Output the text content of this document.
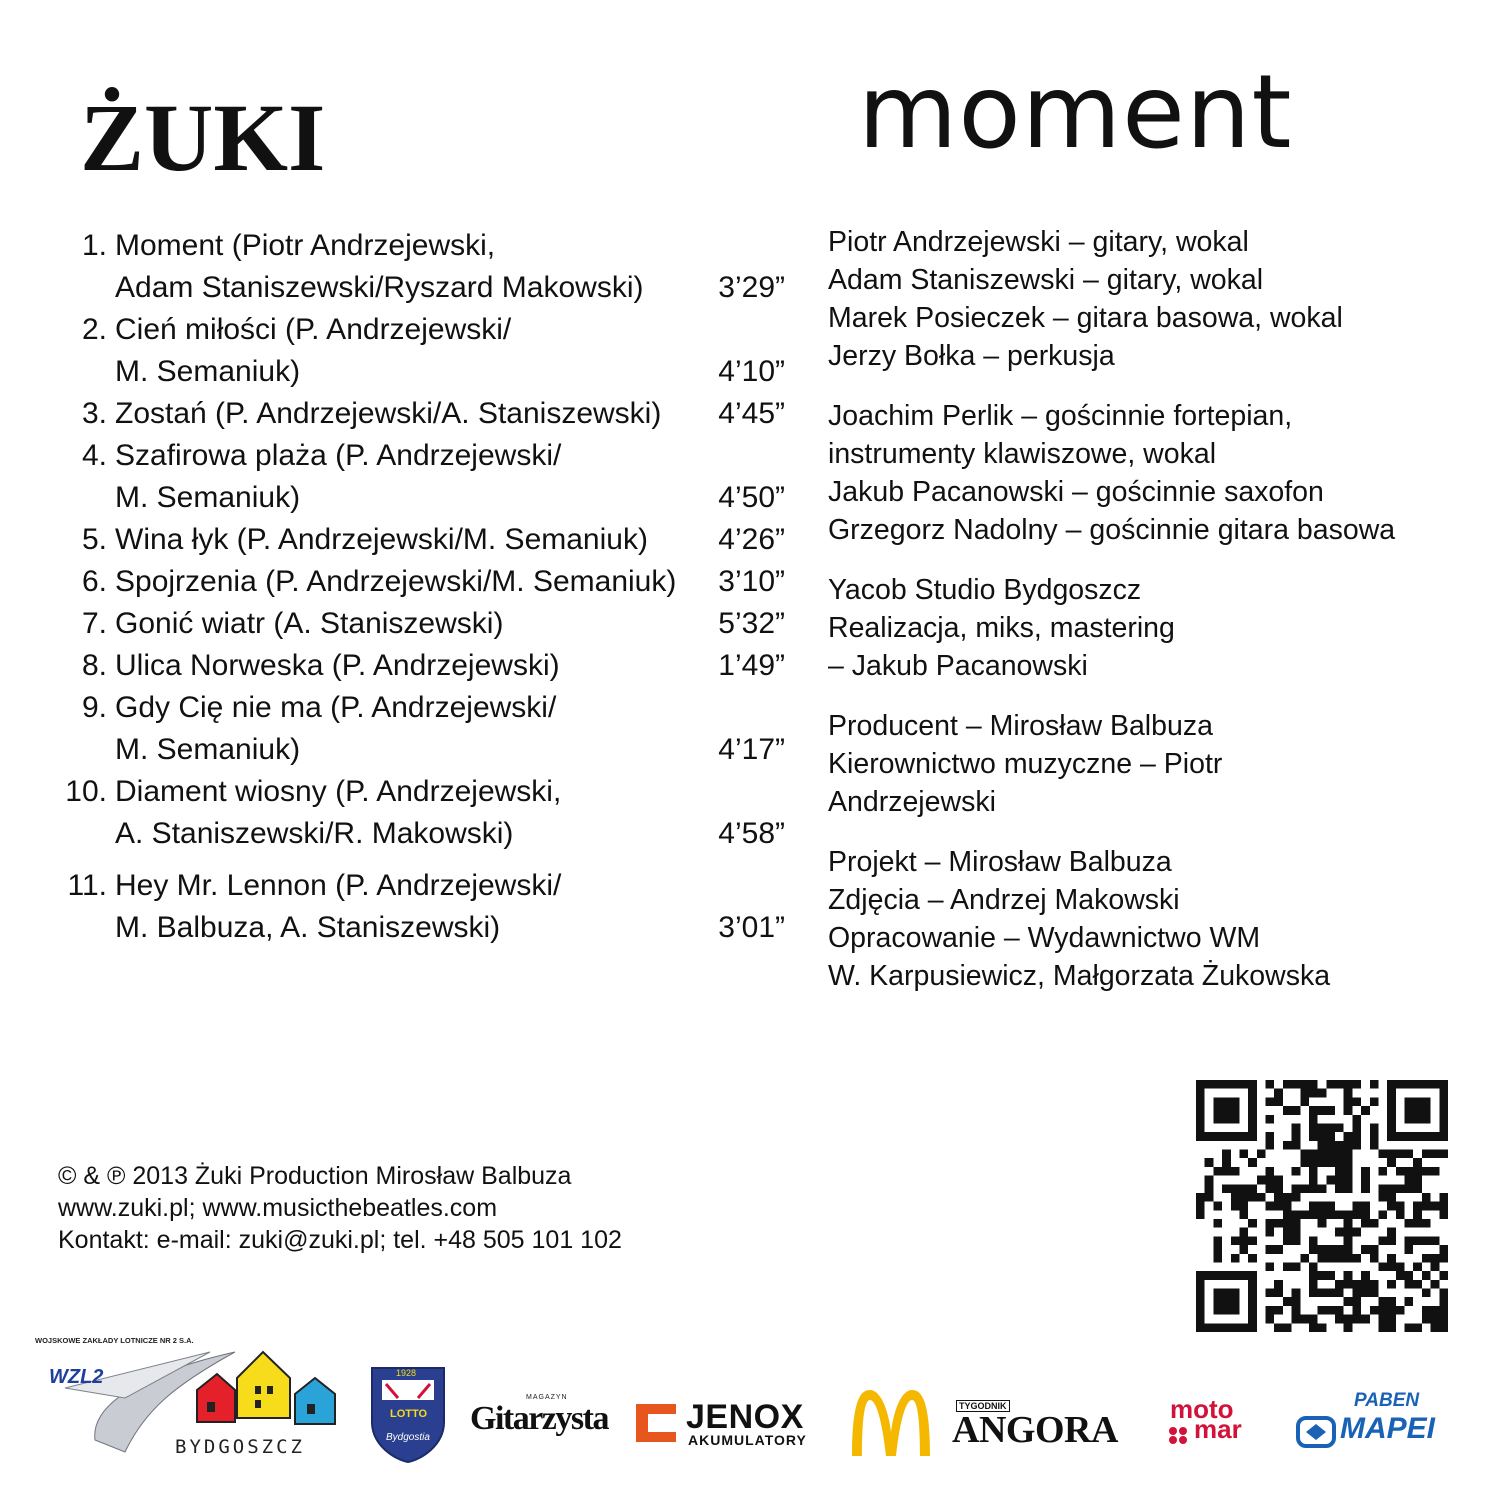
ŻUKI	moment
1. Moment (Piotr Andrzejewski,
Adam Staniszewski/Ryszard Makowski)	3’29”
2. Cień miłości (P. Andrzejewski/
M. Semaniuk)	4’10”
3. Zostań (P. Andrzejewski/A. Staniszewski)	4’45”
4. Szafirowa plaża (P. Andrzejewski/
M. Semaniuk)	4’50”
5. Wina łyk (P. Andrzejewski/M. Semaniuk)	4’26”
6. Spojrzenia (P. Andrzejewski/M. Semaniuk)	3’10”
7. Gonić wiatr (A. Staniszewski)	5’32”
8. Ulica Norweska (P. Andrzejewski)	1’49”
9. Gdy Cię nie ma (P. Andrzejewski/
M. Semaniuk)	4’17”
10. Diament wiosny (P. Andrzejewski,
A. Staniszewski/R. Makowski)	4’58”
11. Hey Mr. Lennon (P. Andrzejewski/
M. Balbuza, A. Staniszewski)	3’01”
Piotr Andrzejewski – gitary, wokal
Adam Staniszewski – gitary, wokal
Marek Posieczek – gitara basowa, wokal
Jerzy Bołka – perkusja
Joachim Perlik – gościnnie fortepian,
instrumenty klawiszowe, wokal
Jakub Pacanowski – gościnnie saxofon
Grzegorz Nadolny – gościnnie gitara basowa
Yacob Studio Bydgoszcz
Realizacja, miks, mastering
– Jakub Pacanowski
Producent – Mirosław Balbuza
Kierownictwo muzyczne – Piotr
Andrzejewski
Projekt – Mirosław Balbuza
Zdjęcia – Andrzej Makowski
Opracowanie – Wydawnictwo WM
W. Karpusiewicz, Małgorzata Żukowska
© & ℗ 2013 Żuki Production Mirosław Balbuza
www.zuki.pl; www.musicthebeatles.com
Kontakt: e-mail: zuki@zuki.pl; tel. +48 505 101 102
WOJSKOWE ZAKŁADY LOTNICZE NR 2 S.A.
WZL2
BYDGOSZCZ
1928
LOTTO
Bydgostia
MAGAZYN
Gitarzysta JENOX
AKUMULATORY
TYGODNIK
ANGORA moto
mar
PABEN
MAPEI
